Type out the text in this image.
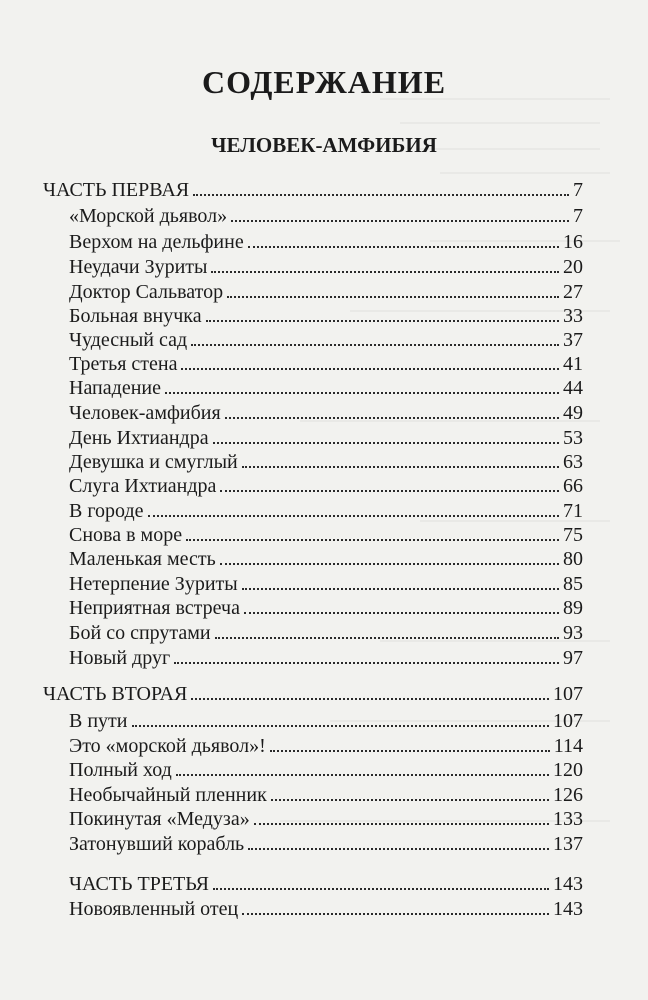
СОДЕРЖАНИЕ
ЧЕЛОВЕК-АМФИБИЯ
ЧАСТЬ ПЕРВАЯ	7
«Морской дьявол»	7
Верхом на дельфине	16
Неудачи Зуриты	20
Доктор Сальватор	27
Больная внучка	33
Чудесный сад	37
Третья стена	41
Нападение	44
Человек-амфибия	49
День Ихтиандра	53
Девушка и смуглый	63
Слуга Ихтиандра	66
В городе	71
Снова в море	75
Маленькая месть	80
Нетерпение Зуриты	85
Неприятная встреча	89
Бой со спрутами	93
Новый друг	97
ЧАСТЬ ВТОРАЯ	107
В пути	107
Это «морской дьявол»!	114
Полный ход	120
Необычайный пленник	126
Покинутая «Медуза»	133
Затонувший корабль	137
ЧАСТЬ ТРЕТЬЯ	143
Новоявленный отец	143
